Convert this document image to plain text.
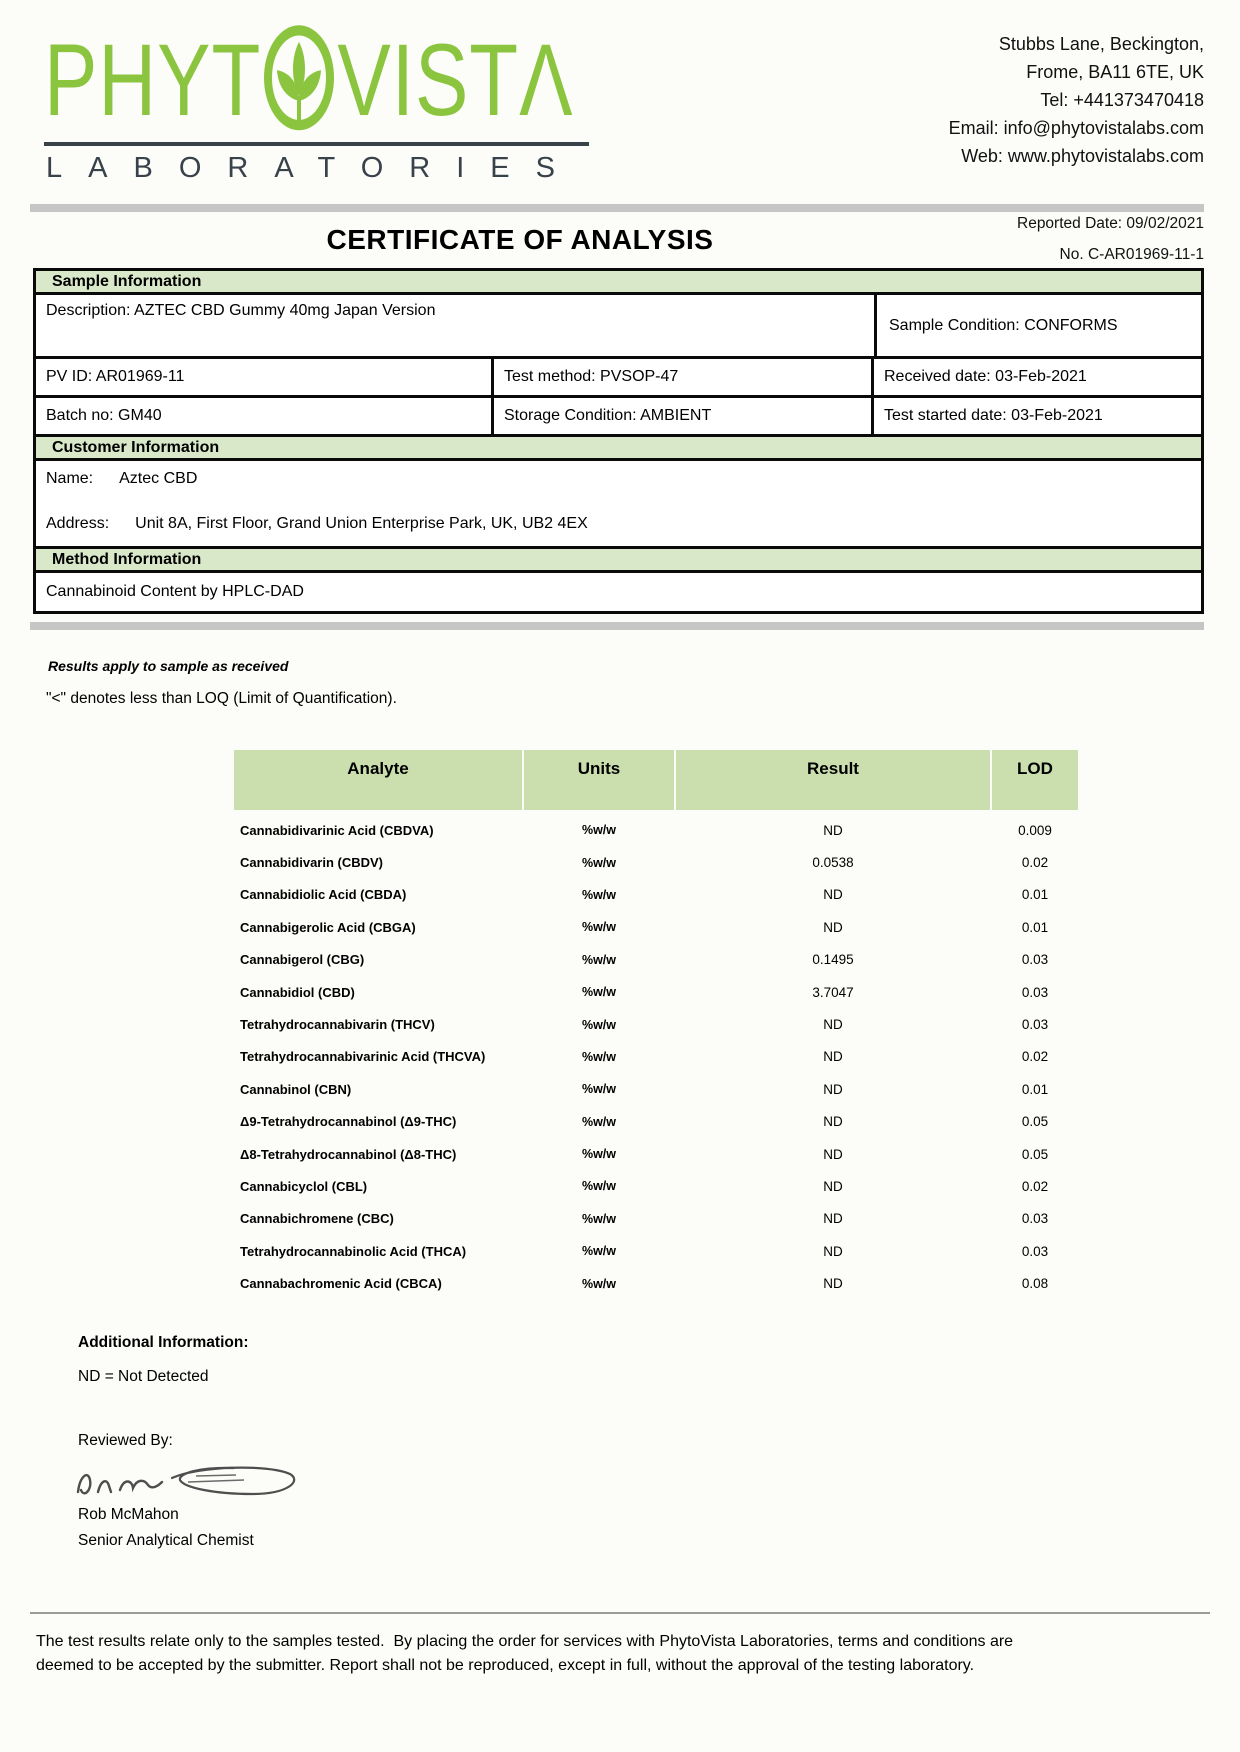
PHYT VISTΛ
LABORATORIES
Stubbs Lane, Beckington,
Frome, BA11 6TE, UK
Tel: +441373470418
Email: info@phytovistalabs.com
Web: www.phytovistalabs.com
Reported Date: 09/02/2021
CERTIFICATE OF ANALYSIS	No. C-AR01969-11-1
Sample Information
Description: AZTEC CBD Gummy 40mg Japan Version
Sample Condition: CONFORMS
PV ID: AR01969-11	Test method: PVSOP-47	Received date: 03-Feb-2021
Batch no: GM40	Storage Condition: AMBIENT	Test started date: 03-Feb-2021
Customer Information
Name: Aztec CBD
Address: Unit 8A, First Floor, Grand Union Enterprise Park, UK, UB2 4EX
Method Information
Cannabinoid Content by HPLC-DAD
Results apply to sample as received
"<" denotes less than LOQ (Limit of Quantification).
Analyte	Units	Result	LOD
Cannabidivarinic Acid (CBDVA)	%w/w	ND	0.009
Cannabidivarin (CBDV)	%w/w	0.0538	0.02
Cannabidiolic Acid (CBDA)	%w/w	ND	0.01
Cannabigerolic Acid (CBGA)	%w/w	ND	0.01
Cannabigerol (CBG)	%w/w	0.1495	0.03
Cannabidiol (CBD)	%w/w	3.7047	0.03
Tetrahydrocannabivarin (THCV)	%w/w	ND	0.03
Tetrahydrocannabivarinic Acid (THCVA)	%w/w	ND	0.02
Cannabinol (CBN)	%w/w	ND	0.01
Δ9-Tetrahydrocannabinol (Δ9-THC)	%w/w	ND	0.05
Δ8-Tetrahydrocannabinol (Δ8-THC)	%w/w	ND	0.05
Cannabicyclol (CBL)	%w/w	ND	0.02
Cannabichromene (CBC)	%w/w	ND	0.03
Tetrahydrocannabinolic Acid (THCA)	%w/w	ND	0.03
Cannabachromenic Acid (CBCA)	%w/w	ND	0.08
Additional Information:
ND = Not Detected
Reviewed By:
Rob McMahon
Senior Analytical Chemist
The test results relate only to the samples tested.  By placing the order for services with PhytoVista Laboratories, terms and conditions are
deemed to be accepted by the submitter. Report shall not be reproduced, except in full, without the approval of the testing laboratory.
